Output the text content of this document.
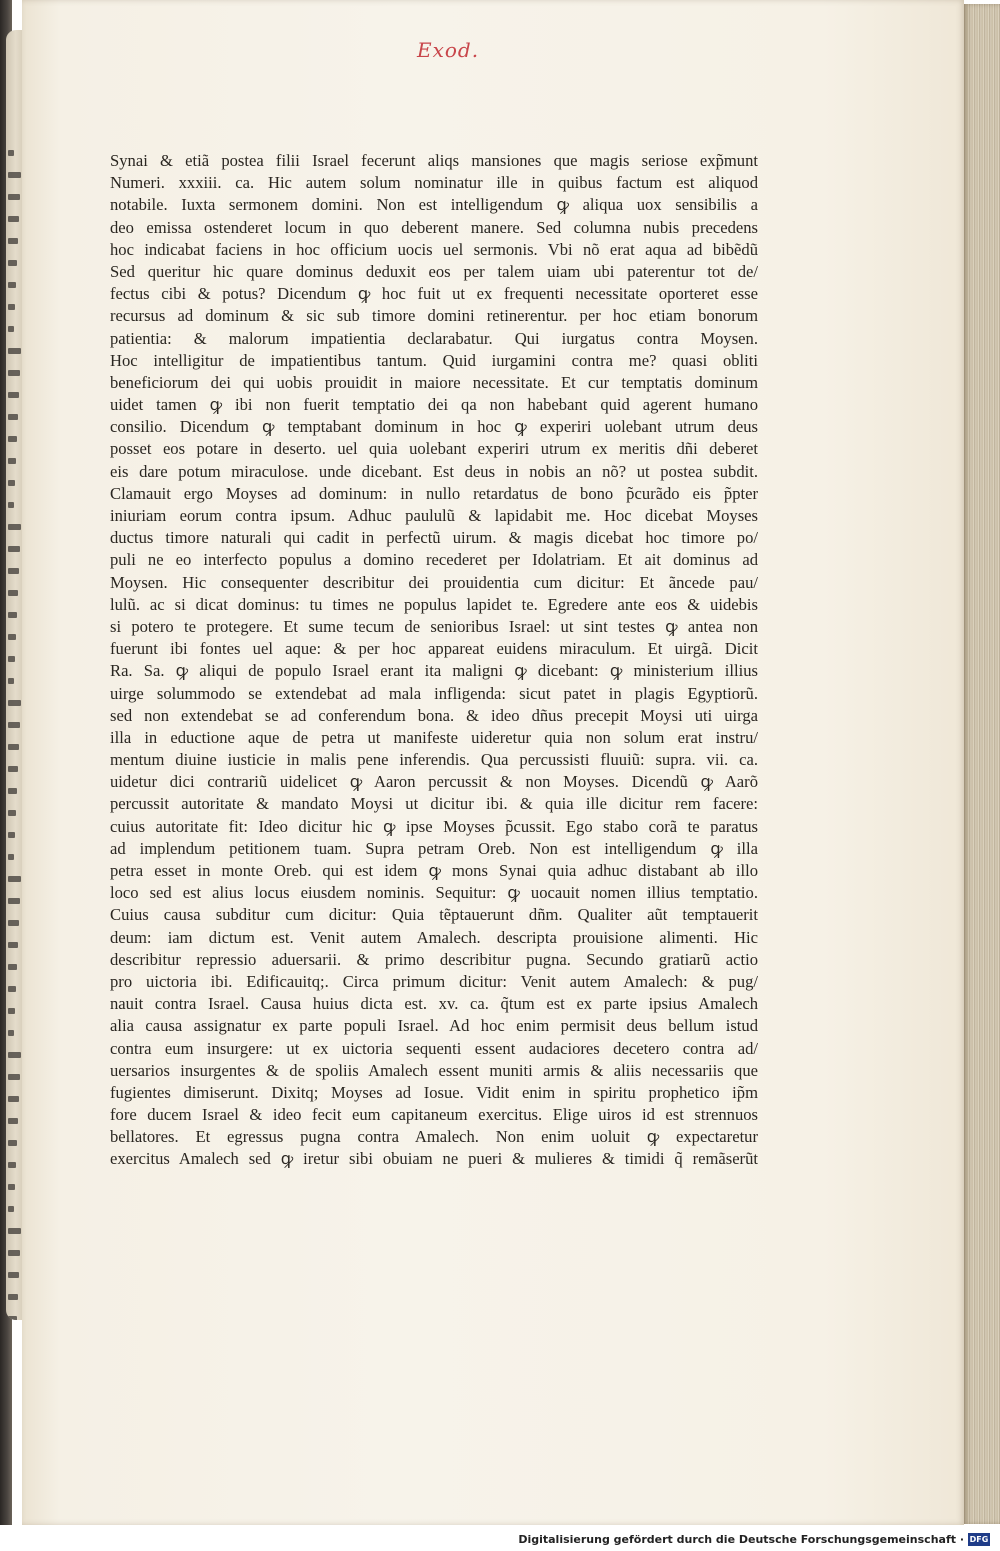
Exod.
Synai & etiã postea filii Israel fecerunt aliqs mansiones que magis seriose exp̃munt
Numeri. xxxiii. ca. Hic autem solum nominatur ille in quibus factum est aliquod
notabile. Iuxta sermonem domini. Non est intelligendum ꝙ aliqua uox sensibilis a
deo emissa ostenderet locum in quo deberent manere. Sed columna nubis precedens
hoc indicabat faciens in hoc officium uocis uel sermonis. Vbi nõ erat aqua ad bibẽdũ
Sed queritur hic quare dominus deduxit eos per talem uiam ubi paterentur tot de/
fectus cibi & potus? Dicendum ꝙ hoc fuit ut ex frequenti necessitate oporteret esse
recursus ad dominum & sic sub timore domini retinerentur. per hoc etiam bonorum
patientia: & malorum impatientia declarabatur. Qui iurgatus contra Moysen.
Hoc intelligitur de impatientibus tantum. Quid iurgamini contra me? quasi obliti
beneficiorum dei qui uobis prouidit in maiore necessitate. Et cur temptatis dominum
uidet tamen ꝙ ibi non fuerit temptatio dei qa non habebant quid agerent humano
consilio. Dicendum ꝙ temptabant dominum in hoc ꝙ experiri uolebant utrum deus
posset eos potare in deserto. uel quia uolebant experiri utrum ex meritis dñi deberet
eis dare potum miraculose. unde dicebant. Est deus in nobis an nõ? ut postea subdit.
Clamauit ergo Moyses ad dominum: in nullo retardatus de bono p̃curãdo eis p̃pter
iniuriam eorum contra ipsum. Adhuc paululũ & lapidabit me. Hoc dicebat Moyses
ductus timore naturali qui cadit in perfectũ uirum. & magis dicebat hoc timore po/
puli ne eo interfecto populus a domino recederet per Idolatriam. Et ait dominus ad
Moysen. Hic consequenter describitur dei prouidentia cum dicitur: Et ãncede pau/
lulũ. ac si dicat dominus: tu times ne populus lapidet te. Egredere ante eos & uidebis
si potero te protegere. Et sume tecum de senioribus Israel: ut sint testes ꝙ antea non
fuerunt ibi fontes uel aque: & per hoc appareat euidens miraculum. Et uirgã. Dicit
Ra. Sa. ꝙ aliqui de populo Israel erant ita maligni ꝙ dicebant: ꝙ ministerium illius
uirge solummodo se extendebat ad mala infligenda: sicut patet in plagis Egyptiorũ.
sed non extendebat se ad conferendum bona. & ideo dñus precepit Moysi uti uirga
illa in eductione aque de petra ut manifeste uideretur quia non solum erat instru/
mentum diuine iusticie in malis pene inferendis. Qua percussisti fluuiũ: supra. vii. ca.
uidetur dici contrariũ uidelicet ꝙ Aaron percussit & non Moyses. Dicendũ ꝙ Aarõ
percussit autoritate & mandato Moysi ut dicitur ibi. & quia ille dicitur rem facere:
cuius autoritate fit: Ideo dicitur hic ꝙ ipse Moyses p̃cussit. Ego stabo corã te paratus
ad implendum petitionem tuam. Supra petram Oreb. Non est intelligendum ꝙ illa
petra esset in monte Oreb. qui est idem ꝙ mons Synai quia adhuc distabant ab illo
loco sed est alius locus eiusdem nominis. Sequitur: ꝙ uocauit nomen illius temptatio.
Cuius causa subditur cum dicitur: Quia tẽptauerunt dñm. Qualiter aũt temptauerit
deum: iam dictum est. Venit autem Amalech. descripta prouisione alimenti. Hic
describitur repressio aduersarii. & primo describitur pugna. Secundo gratiarũ actio
pro uictoria ibi. Edificauitq;. Circa primum dicitur: Venit autem Amalech: & pug/
nauit contra Israel. Causa huius dicta est. xv. ca. q̃tum est ex parte ipsius Amalech
alia causa assignatur ex parte populi Israel. Ad hoc enim permisit deus bellum istud
contra eum insurgere: ut ex uictoria sequenti essent audaciores decetero contra ad/
uersarios insurgentes & de spoliis Amalech essent muniti armis & aliis necessariis que
fugientes dimiserunt. Dixitq; Moyses ad Iosue. Vidit enim in spiritu prophetico ip̃m
fore ducem Israel & ideo fecit eum capitaneum exercitus. Elige uiros id est strennuos
bellatores. Et egressus pugna contra Amalech. Non enim uoluit ꝙ expectaretur
exercitus Amalech sed ꝙ iretur sibi obuiam ne pueri & mulieres & timidi q̃ remãserũt
Digitalisierung gefördert durch die Deutsche Forschungsgemeinschaft · DFG
